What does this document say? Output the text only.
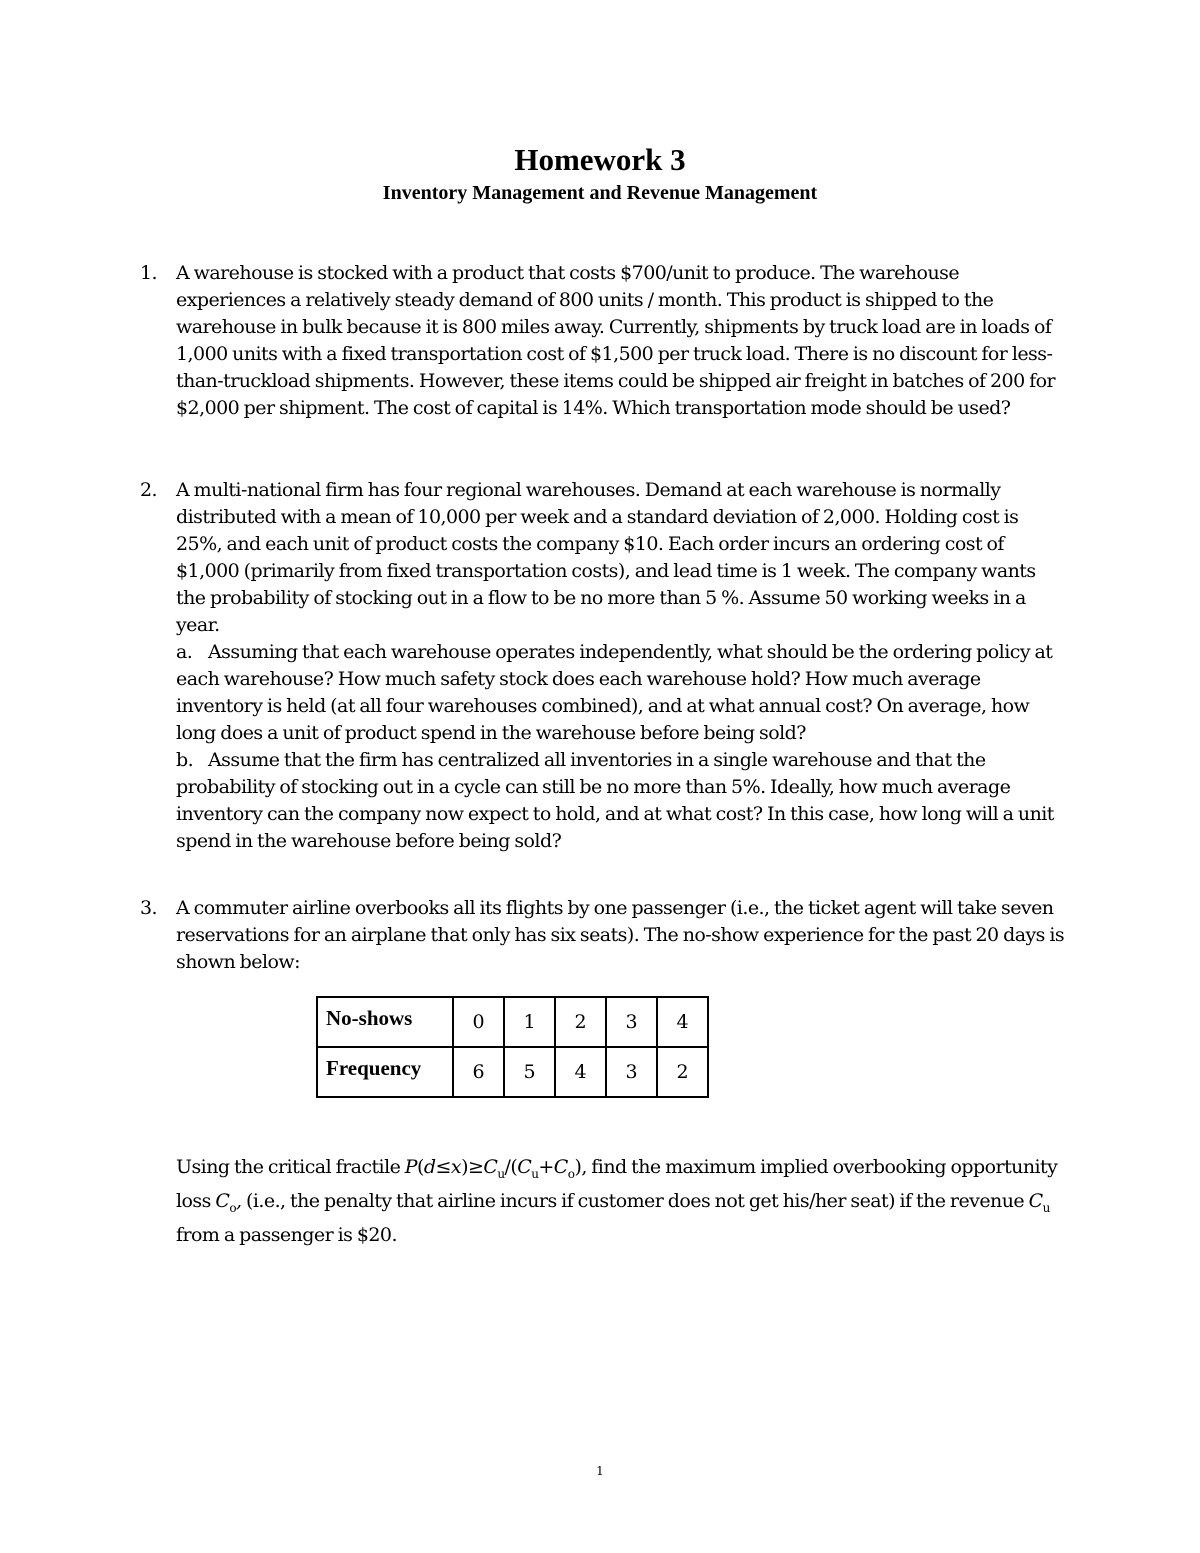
Homework 3
Inventory Management and Revenue Management
1. A warehouse is stocked with a product that costs $700/unit to produce. The warehouse experiences a relatively steady demand of 800 units / month. This product is shipped to the warehouse in bulk because it is 800 miles away. Currently, shipments by truck load are in loads of 1,000 units with a fixed transportation cost of $1,500 per truck load. There is no discount for less-than-truckload shipments. However, these items could be shipped air freight in batches of 200 for $2,000 per shipment. The cost of capital is 14%. Which transportation mode should be used?

2. A multi-national firm has four regional warehouses. Demand at each warehouse is normally distributed with a mean of 10,000 per week and a standard deviation of 2,000. Holding cost is 25%, and each unit of product costs the company $10. Each order incurs an ordering cost of $1,000 (primarily from fixed transportation costs), and lead time is 1 week. The company wants the probability of stocking out in a flow to be no more than 5 %. Assume 50 working weeks in a year.

a. Assuming that each warehouse operates independently, what should be the ordering policy at each warehouse? How much safety stock does each warehouse hold? How much average inventory is held (at all four warehouses combined), and at what annual cost? On average, how long does a unit of product spend in the warehouse before being sold?

b. Assume that the firm has centralized all inventories in a single warehouse and that the probability of stocking out in a cycle can still be no more than 5%. Ideally, how much average inventory can the company now expect to hold, and at what cost? In this case, how long will a unit spend in the warehouse before being sold?

3. A commuter airline overbooks all its flights by one passenger (i.e., the ticket agent will take seven reservations for an airplane that only has six seats). The no-show experience for the past 20 days is shown below:

No-shows	0	1	2	3	4
Frequency	6	5	4	3	2
Using the critical fractile $P(d\le x)\ge C_u/(C_u+C_o)$, find the maximum implied overbooking opportunity loss $C_o$, (i.e., the penalty that airline incurs if customer does not get his/her seat) if the revenue $C_u$ from a passenger is $20.
1
